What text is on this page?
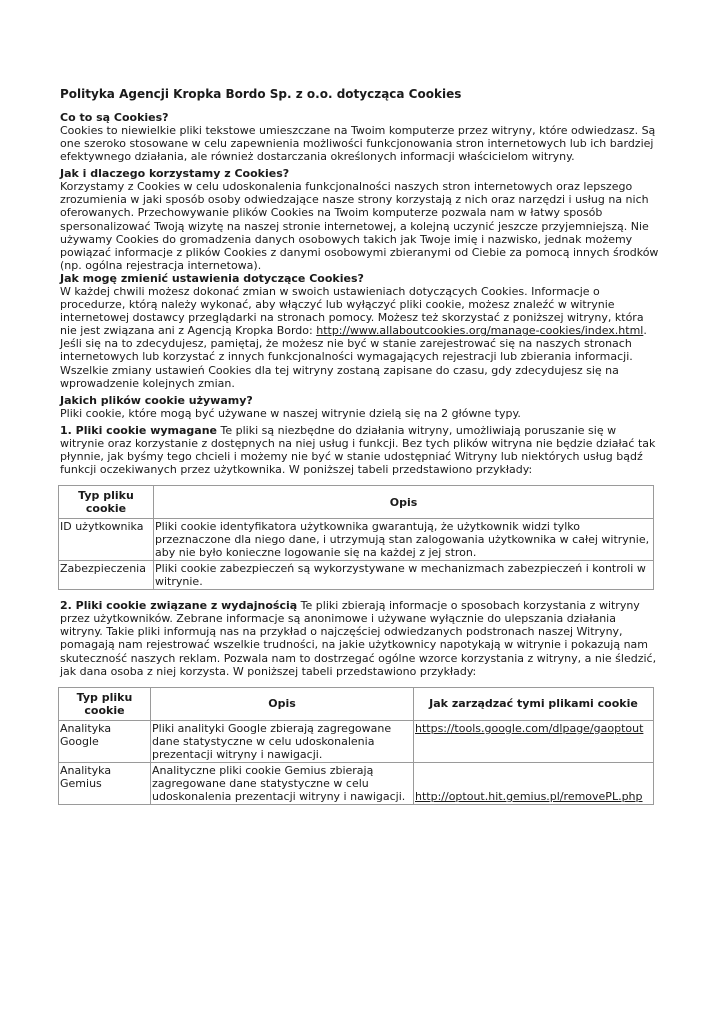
Polityka Agencji Kropka Bordo Sp. z o.o. dotycząca Cookies

Co to są Cookies?

Cookies to niewielkie pliki tekstowe umieszczane na Twoim komputerze przez witryny, które odwiedzasz. Są one szeroko stosowane w celu zapewnienia możliwości funkcjonowania stron internetowych lub ich bardziej efektywnego działania, ale również dostarczania określonych informacji właścicielom witryny.

Jak i dlaczego korzystamy z Cookies?

Korzystamy z Cookies w celu udoskonalenia funkcjonalności naszych stron internetowych oraz lepszego zrozumienia w jaki sposób osoby odwiedzające nasze strony korzystają z nich oraz narzędzi i usług na nich oferowanych. Przechowywanie plików Cookies na Twoim komputerze pozwala nam w łatwy sposób spersonalizować Twoją wizytę na naszej stronie internetowej, a kolejną uczynić jeszcze przyjemniejszą. Nie używamy Cookies do gromadzenia danych osobowych takich jak Twoje imię i nazwisko, jednak możemy powiązać informacje z plików Cookies z danymi osobowymi zbieranymi od Ciebie za pomocą innych środków (np. ogólna rejestracja internetowa).

Jak mogę zmienić ustawienia dotyczące Cookies?

W każdej chwili możesz dokonać zmian w swoich ustawieniach dotyczących Cookies. Informacje o procedurze, którą należy wykonać, aby włączyć lub wyłączyć pliki cookie, możesz znaleźć w witrynie internetowej dostawcy przeglądarki na stronach pomocy. Możesz też skorzystać z poniższej witryny, która nie jest związana ani z Agencją Kropka Bordo: http://www.allaboutcookies.org/manage-cookies/index.html. Jeśli się na to zdecydujesz, pamiętaj, że możesz nie być w stanie zarejestrować się na naszych stronach internetowych lub korzystać z innych funkcjonalności wymagających rejestracji lub zbierania informacji.

Wszelkie zmiany ustawień Cookies dla tej witryny zostaną zapisane do czasu, gdy zdecydujesz się na wprowadzenie kolejnych zmian.

Jakich plików cookie używamy?

Pliki cookie, które mogą być używane w naszej witrynie dzielą się na 2 główne typy.

1. Pliki cookie wymagane Te pliki są niezbędne do działania witryny, umożliwiają poruszanie się w witrynie oraz korzystanie z dostępnych na niej usług i funkcji. Bez tych plików witryna nie będzie działać tak płynnie, jak byśmy tego chcieli i możemy nie być w stanie udostępniać Witryny lub niektórych usług bądź funkcji oczekiwanych przez użytkownika. W poniższej tabeli przedstawiono przykłady:

Typ pliku cookie	Opis
ID użytkownika	Pliki cookie identyfikatora użytkownika gwarantują, że użytkownik widzi tylko przeznaczone dla niego dane, i utrzymują stan zalogowania użytkownika w całej witrynie, aby nie było konieczne logowanie się na każdej z jej stron.
Zabezpieczenia	Pliki cookie zabezpieczeń są wykorzystywane w mechanizmach zabezpieczeń i kontroli w witrynie.

2. Pliki cookie związane z wydajnością Te pliki zbierają informacje o sposobach korzystania z witryny przez użytkowników. Zebrane informacje są anonimowe i używane wyłącznie do ulepszania działania witryny. Takie pliki informują nas na przykład o najczęściej odwiedzanych podstronach naszej Witryny, pomagają nam rejestrować wszelkie trudności, na jakie użytkownicy napotykają w witrynie i pokazują nam skuteczność naszych reklam. Pozwala nam to dostrzegać ogólne wzorce korzystania z witryny, a nie śledzić, jak dana osoba z niej korzysta. W poniższej tabeli przedstawiono przykłady:

Typ pliku cookie	Opis	Jak zarządzać tymi plikami cookie
Analityka Google	Pliki analityki Google zbierają zagregowane dane statystyczne w celu udoskonalenia prezentacji witryny i nawigacji.	https://tools.google.com/dlpage/gaoptout
Analityka Gemius	Analityczne pliki cookie Gemius zbierają zagregowane dane statystyczne w celu udoskonalenia prezentacji witryny i nawigacji.	http://optout.hit.gemius.pl/removePL.php
